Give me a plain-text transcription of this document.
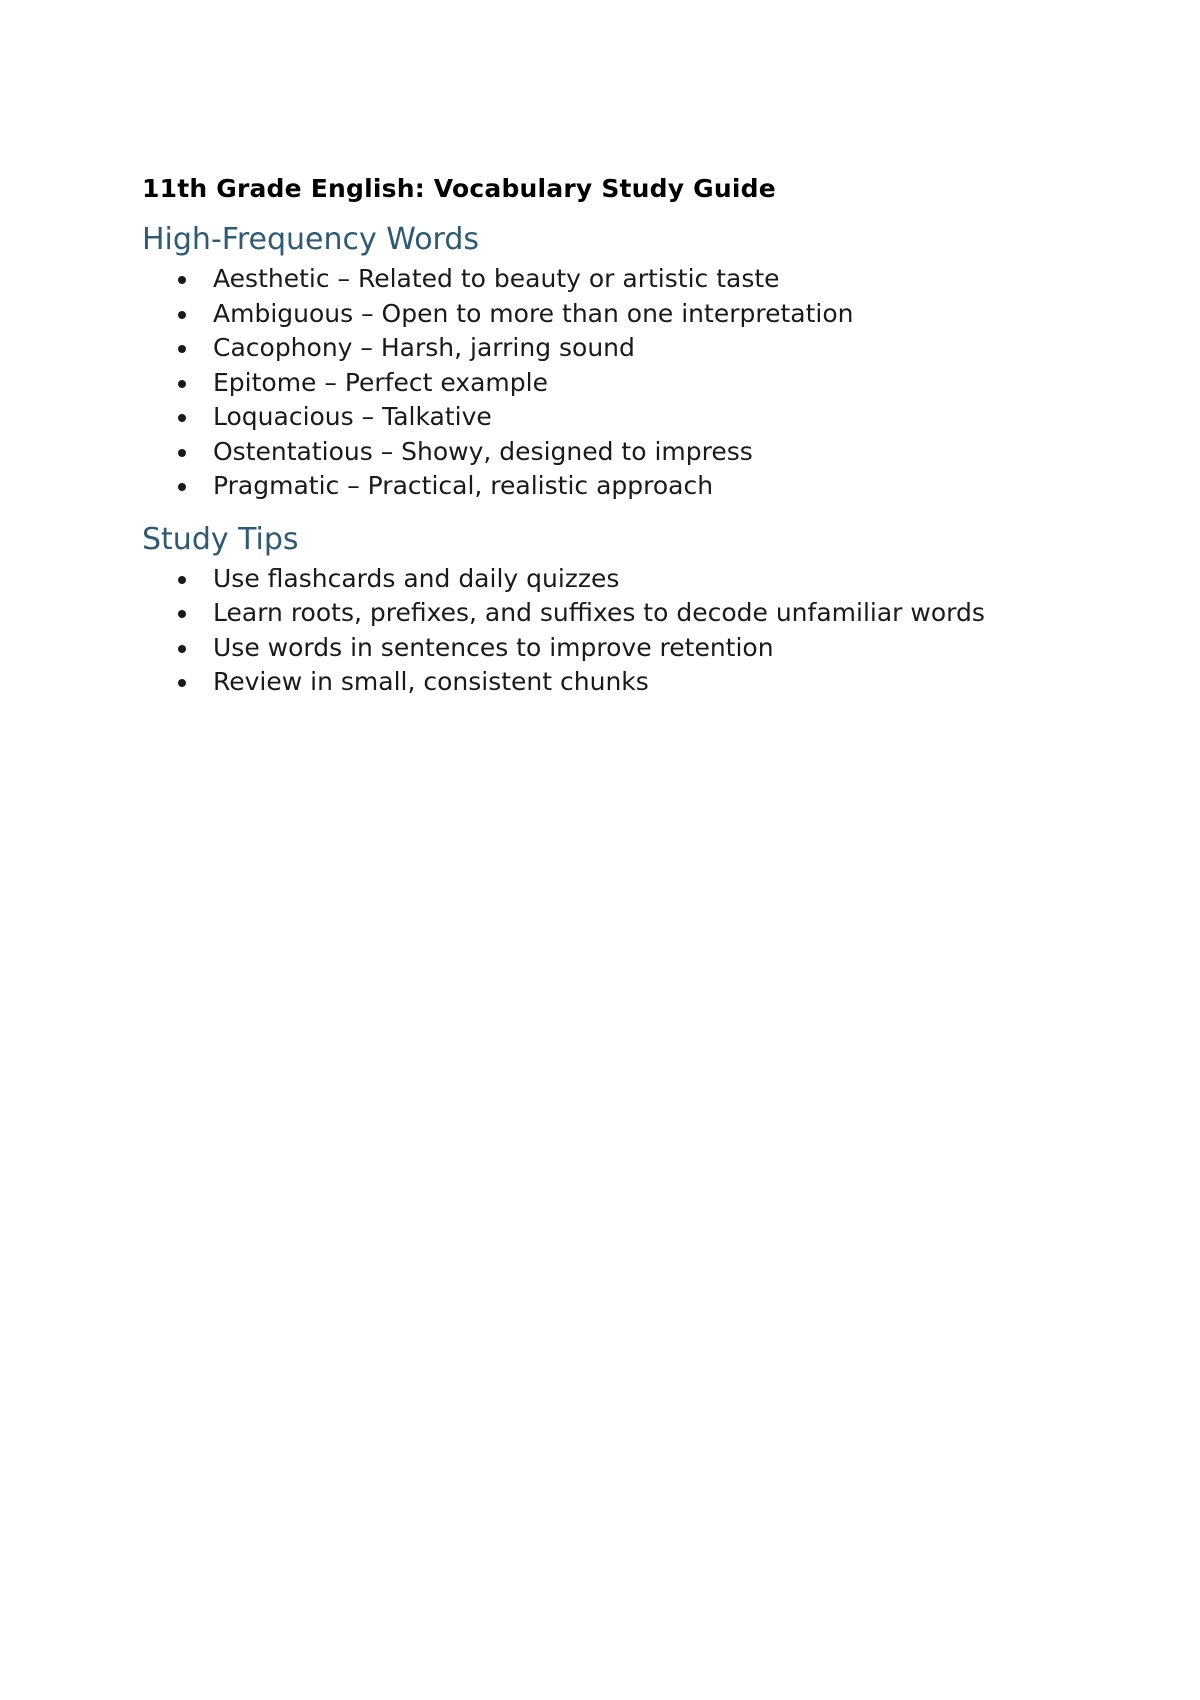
11th Grade English: Vocabulary Study Guide
High-Frequency Words
Aesthetic – Related to beauty or artistic taste
Ambiguous – Open to more than one interpretation
Cacophony – Harsh, jarring sound
Epitome – Perfect example
Loquacious – Talkative
Ostentatious – Showy, designed to impress
Pragmatic – Practical, realistic approach
Study Tips
Use flashcards and daily quizzes
Learn roots, prefixes, and suffixes to decode unfamiliar words
Use words in sentences to improve retention
Review in small, consistent chunks
